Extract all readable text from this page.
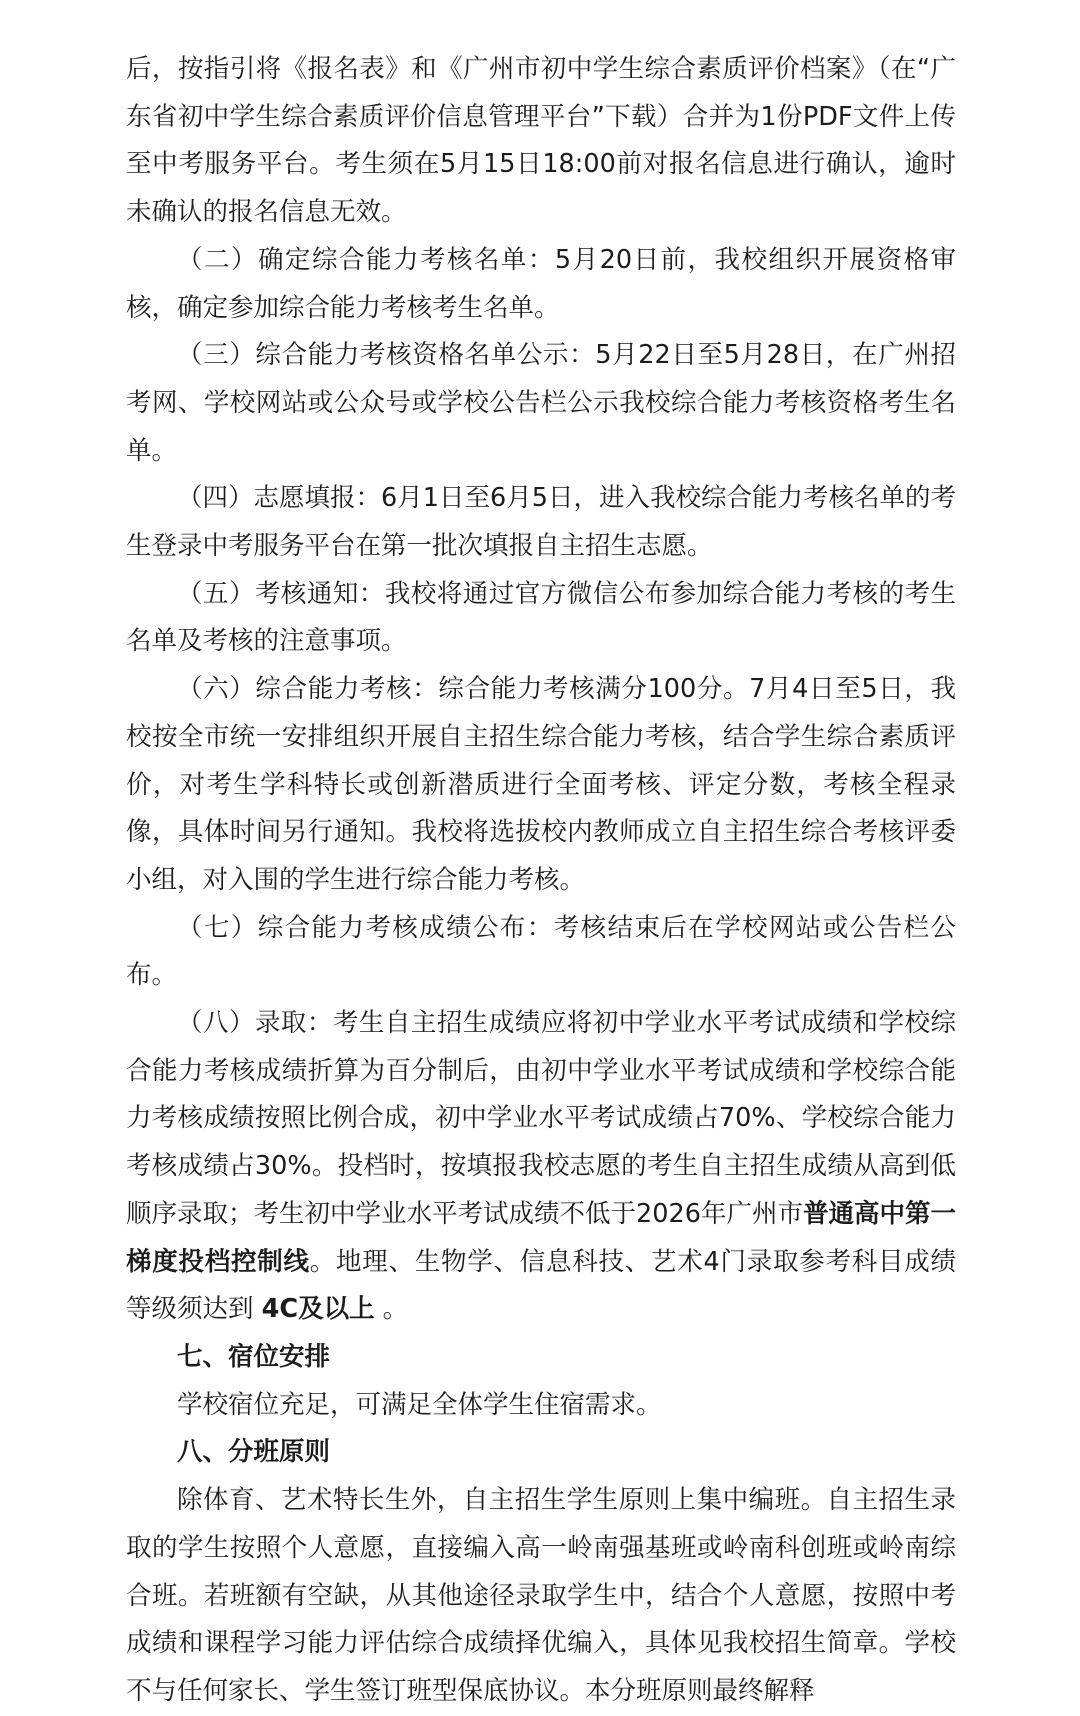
后，按指引将《报名表》和《广州市初中学生综合素质评价档案》（在“广东省初中学生综合素质评价信息管理平台”下载）合并为1份PDF文件上传至中考服务平台。考生须在5月15日18:00前对报名信息进行确认，逾时未确认的报名信息无效。

（二）确定综合能力考核名单：5月20日前，我校组织开展资格审核，确定参加综合能力考核考生名单。

（三）综合能力考核资格名单公示：5月22日至5月28日，在广州招考网、学校网站或公众号或学校公告栏公示我校综合能力考核资格考生名单。

（四）志愿填报：6月1日至6月5日，进入我校综合能力考核名单的考生登录中考服务平台在第一批次填报自主招生志愿。

（五）考核通知：我校将通过官方微信公布参加综合能力考核的考生名单及考核的注意事项。

（六）综合能力考核：综合能力考核满分100分。7月4日至5日，我校按全市统一安排组织开展自主招生综合能力考核，结合学生综合素质评价，对考生学科特长或创新潜质进行全面考核、评定分数，考核全程录像，具体时间另行通知。我校将选拔校内教师成立自主招生综合考核评委小组，对入围的学生进行综合能力考核。

（七）综合能力考核成绩公布：考核结束后在学校网站或公告栏公布。

（八）录取：考生自主招生成绩应将初中学业水平考试成绩和学校综合能力考核成绩折算为百分制后，由初中学业水平考试成绩和学校综合能力考核成绩按照比例合成，初中学业水平考试成绩占70%、学校综合能力考核成绩占30%。投档时，按填报我校志愿的考生自主招生成绩从高到低顺序录取；考生初中学业水平考试成绩不低于2026年广州市普通高中第一梯度投档控制线。地理、生物学、信息科技、艺术4门录取参考科目成绩等级须达到 4C及以上 。

七、宿位安排

学校宿位充足，可满足全体学生住宿需求。

八、分班原则

除体育、艺术特长生外，自主招生学生原则上集中编班。自主招生录取的学生按照个人意愿，直接编入高一岭南强基班或岭南科创班或岭南综合班。若班额有空缺，从其他途径录取学生中，结合个人意愿，按照中考成绩和课程学习能力评估综合成绩择优编入，具体见我校招生简章。学校不与任何家长、学生签订班型保底协议。本分班原则最终解释
